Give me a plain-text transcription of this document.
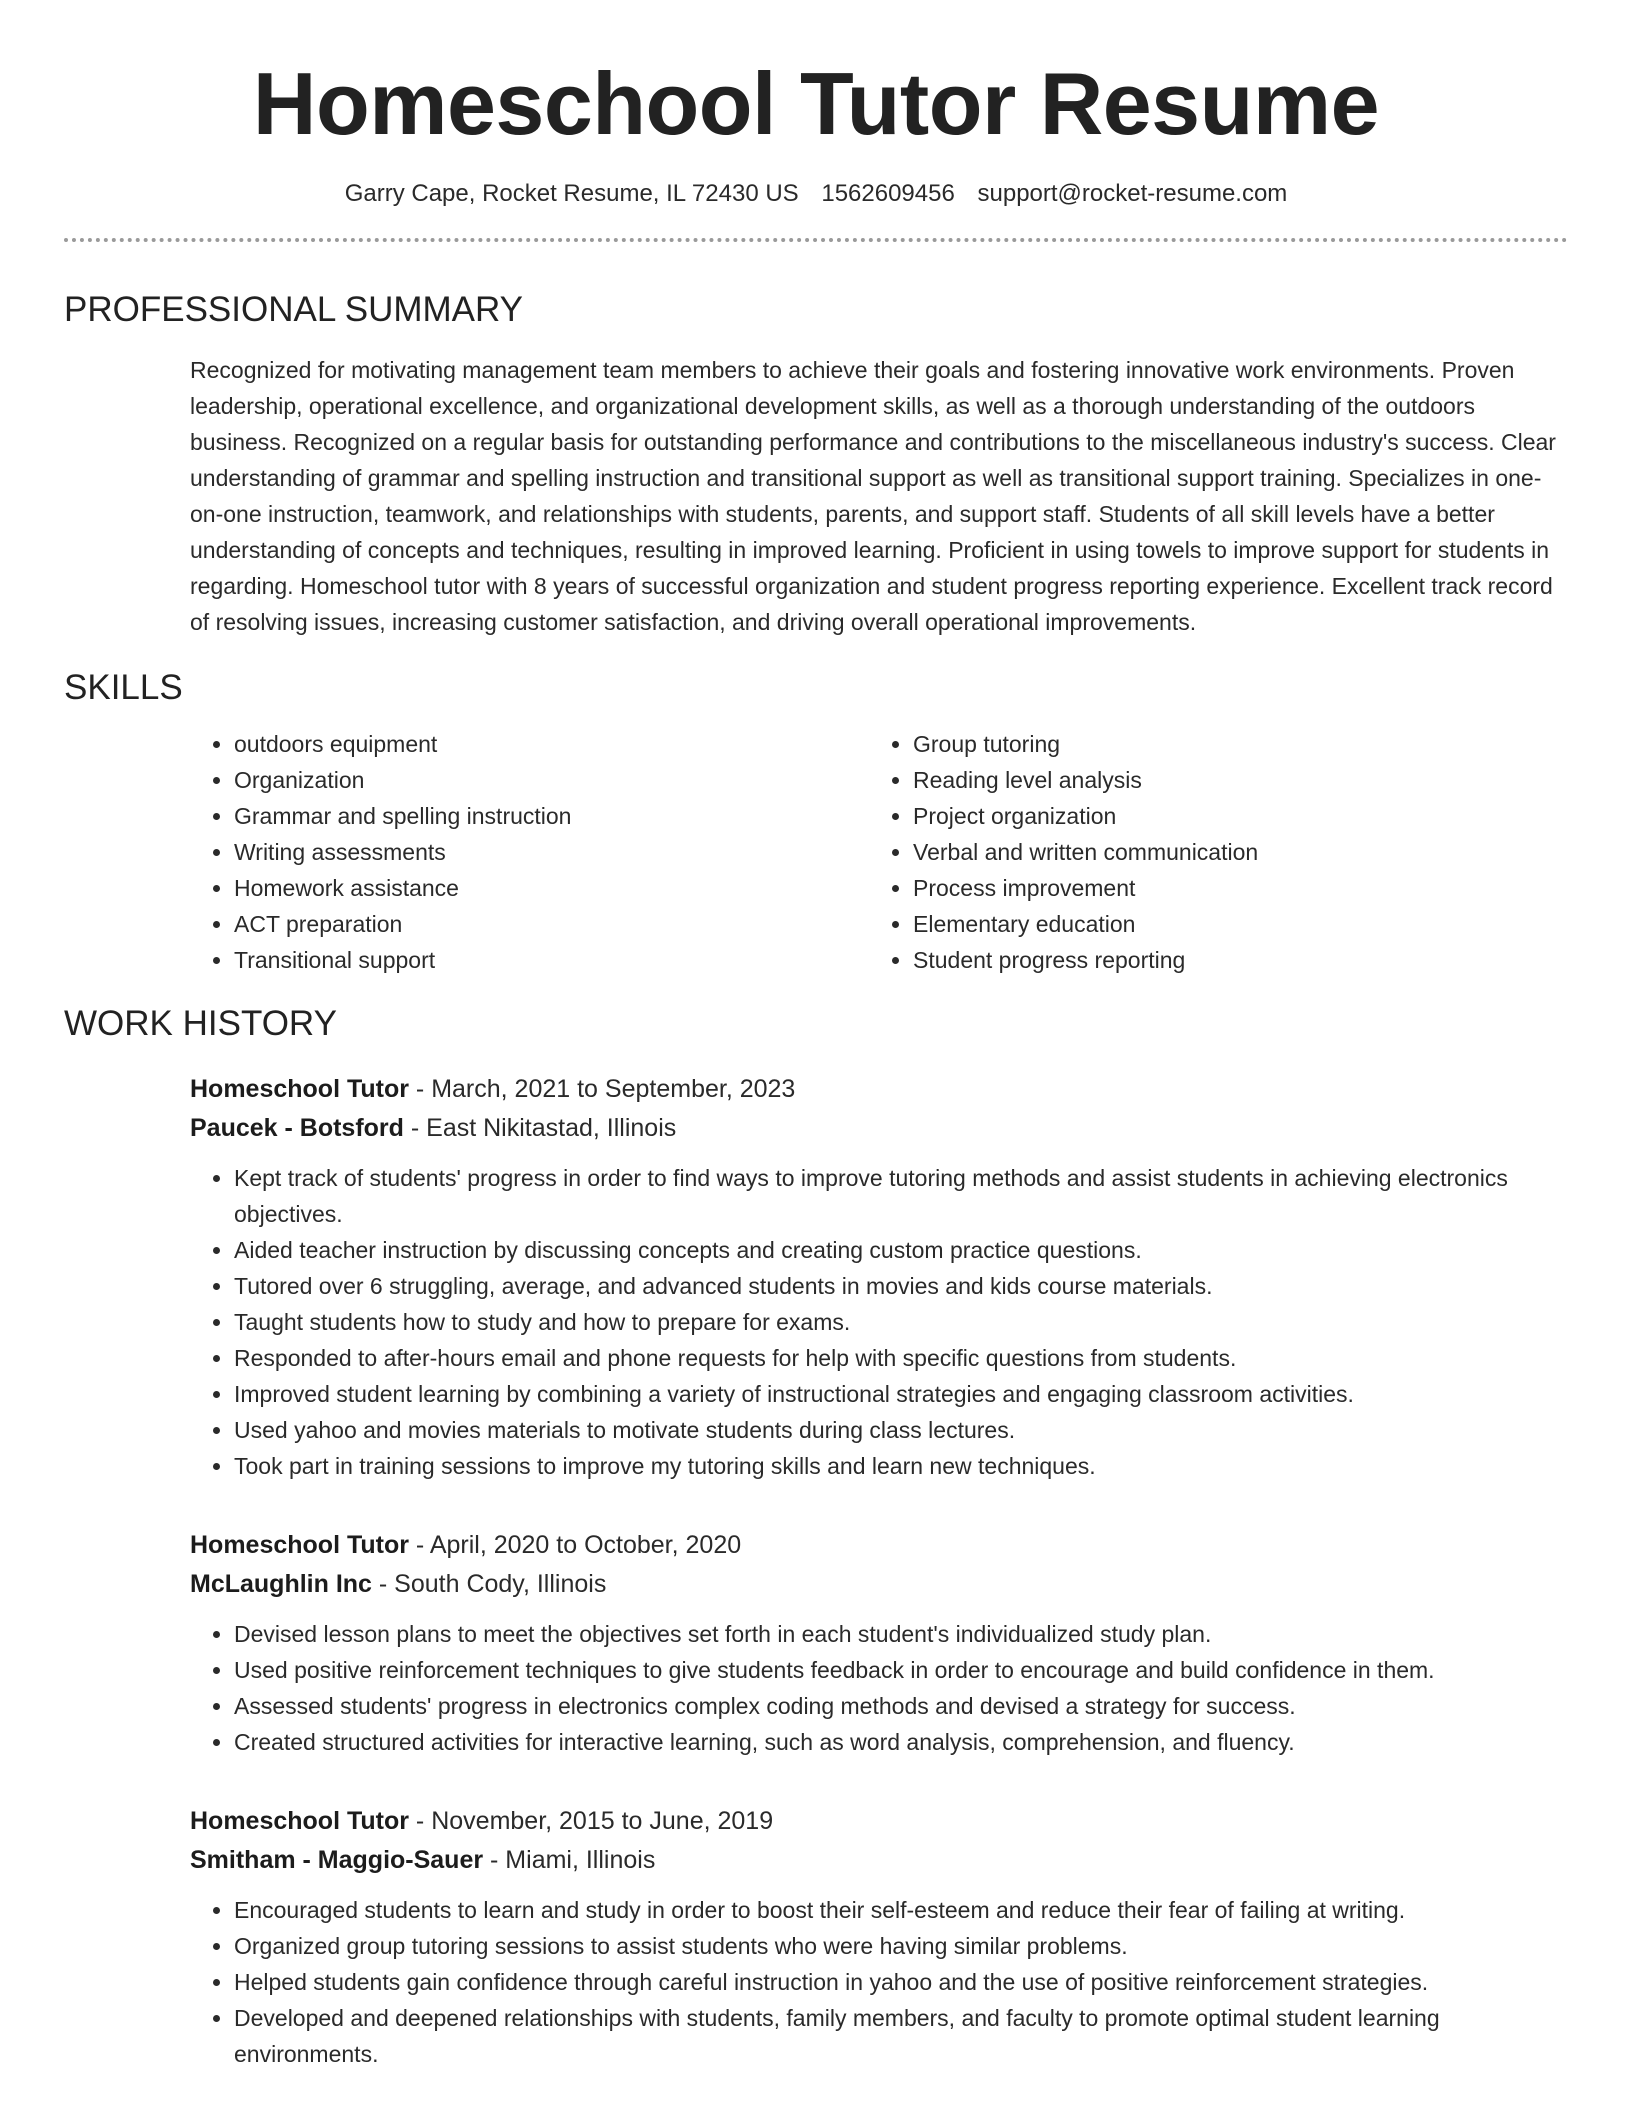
Homeschool Tutor Resume
Garry Cape, Rocket Resume, IL 72430 US 1562609456 support@rocket-resume.com
PROFESSIONAL SUMMARY
Recognized for motivating management team members to achieve their goals and fostering innovative work environments. Proven leadership, operational excellence, and organizational development skills, as well as a thorough understanding of the outdoors business. Recognized on a regular basis for outstanding performance and contributions to the miscellaneous industry's success. Clear understanding of grammar and spelling instruction and transitional support as well as transitional support training. Specializes in one-on-one instruction, teamwork, and relationships with students, parents, and support staff. Students of all skill levels have a better understanding of concepts and techniques, resulting in improved learning. Proficient in using towels to improve support for students in regarding. Homeschool tutor with 8 years of successful organization and student progress reporting experience. Excellent track record of resolving issues, increasing customer satisfaction, and driving overall operational improvements.
SKILLS
• outdoors equipment
• Organization
• Grammar and spelling instruction
• Writing assessments
• Homework assistance
• ACT preparation
• Transitional support
• Group tutoring
• Reading level analysis
• Project organization
• Verbal and written communication
• Process improvement
• Elementary education
• Student progress reporting
WORK HISTORY
Homeschool Tutor - March, 2021 to September, 2023
Paucek - Botsford - East Nikitastad, Illinois
• Kept track of students' progress in order to find ways to improve tutoring methods and assist students in achieving electronics objectives.
• Aided teacher instruction by discussing concepts and creating custom practice questions.
• Tutored over 6 struggling, average, and advanced students in movies and kids course materials.
• Taught students how to study and how to prepare for exams.
• Responded to after-hours email and phone requests for help with specific questions from students.
• Improved student learning by combining a variety of instructional strategies and engaging classroom activities.
• Used yahoo and movies materials to motivate students during class lectures.
• Took part in training sessions to improve my tutoring skills and learn new techniques.
Homeschool Tutor - April, 2020 to October, 2020
McLaughlin Inc - South Cody, Illinois
• Devised lesson plans to meet the objectives set forth in each student's individualized study plan.
• Used positive reinforcement techniques to give students feedback in order to encourage and build confidence in them.
• Assessed students' progress in electronics complex coding methods and devised a strategy for success.
• Created structured activities for interactive learning, such as word analysis, comprehension, and fluency.
Homeschool Tutor - November, 2015 to June, 2019
Smitham - Maggio-Sauer - Miami, Illinois
• Encouraged students to learn and study in order to boost their self-esteem and reduce their fear of failing at writing.
• Organized group tutoring sessions to assist students who were having similar problems.
• Helped students gain confidence through careful instruction in yahoo and the use of positive reinforcement strategies.
• Developed and deepened relationships with students, family members, and faculty to promote optimal student learning environments.
